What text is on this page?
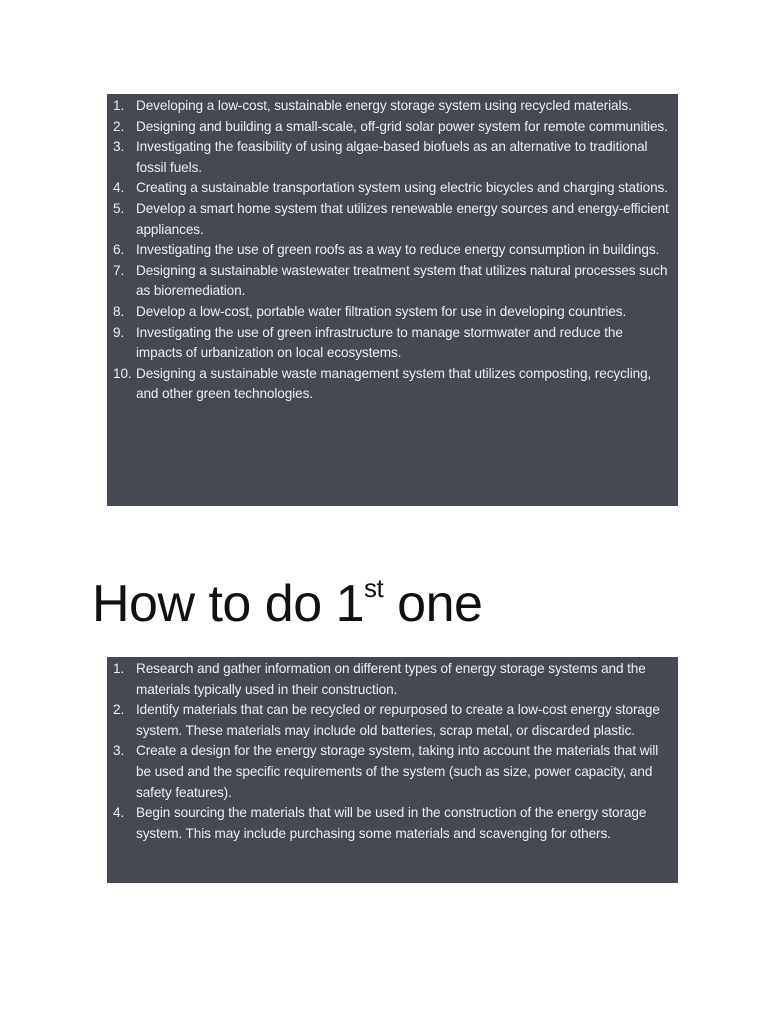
1. Developing a low-cost, sustainable energy storage system using recycled materials.
2. Designing and building a small-scale, off-grid solar power system for remote communities.
3. Investigating the feasibility of using algae-based biofuels as an alternative to traditional fossil fuels.
4. Creating a sustainable transportation system using electric bicycles and charging stations.
5. Develop a smart home system that utilizes renewable energy sources and energy-efficient appliances.
6. Investigating the use of green roofs as a way to reduce energy consumption in buildings.
7. Designing a sustainable wastewater treatment system that utilizes natural processes such as bioremediation.
8. Develop a low-cost, portable water filtration system for use in developing countries.
9. Investigating the use of green infrastructure to manage stormwater and reduce the impacts of urbanization on local ecosystems.
10. Designing a sustainable waste management system that utilizes composting, recycling, and other green technologies.
How to do 1st one
1. Research and gather information on different types of energy storage systems and the materials typically used in their construction.
2. Identify materials that can be recycled or repurposed to create a low-cost energy storage system. These materials may include old batteries, scrap metal, or discarded plastic.
3. Create a design for the energy storage system, taking into account the materials that will be used and the specific requirements of the system (such as size, power capacity, and safety features).
4. Begin sourcing the materials that will be used in the construction of the energy storage system. This may include purchasing some materials and scavenging for others.
